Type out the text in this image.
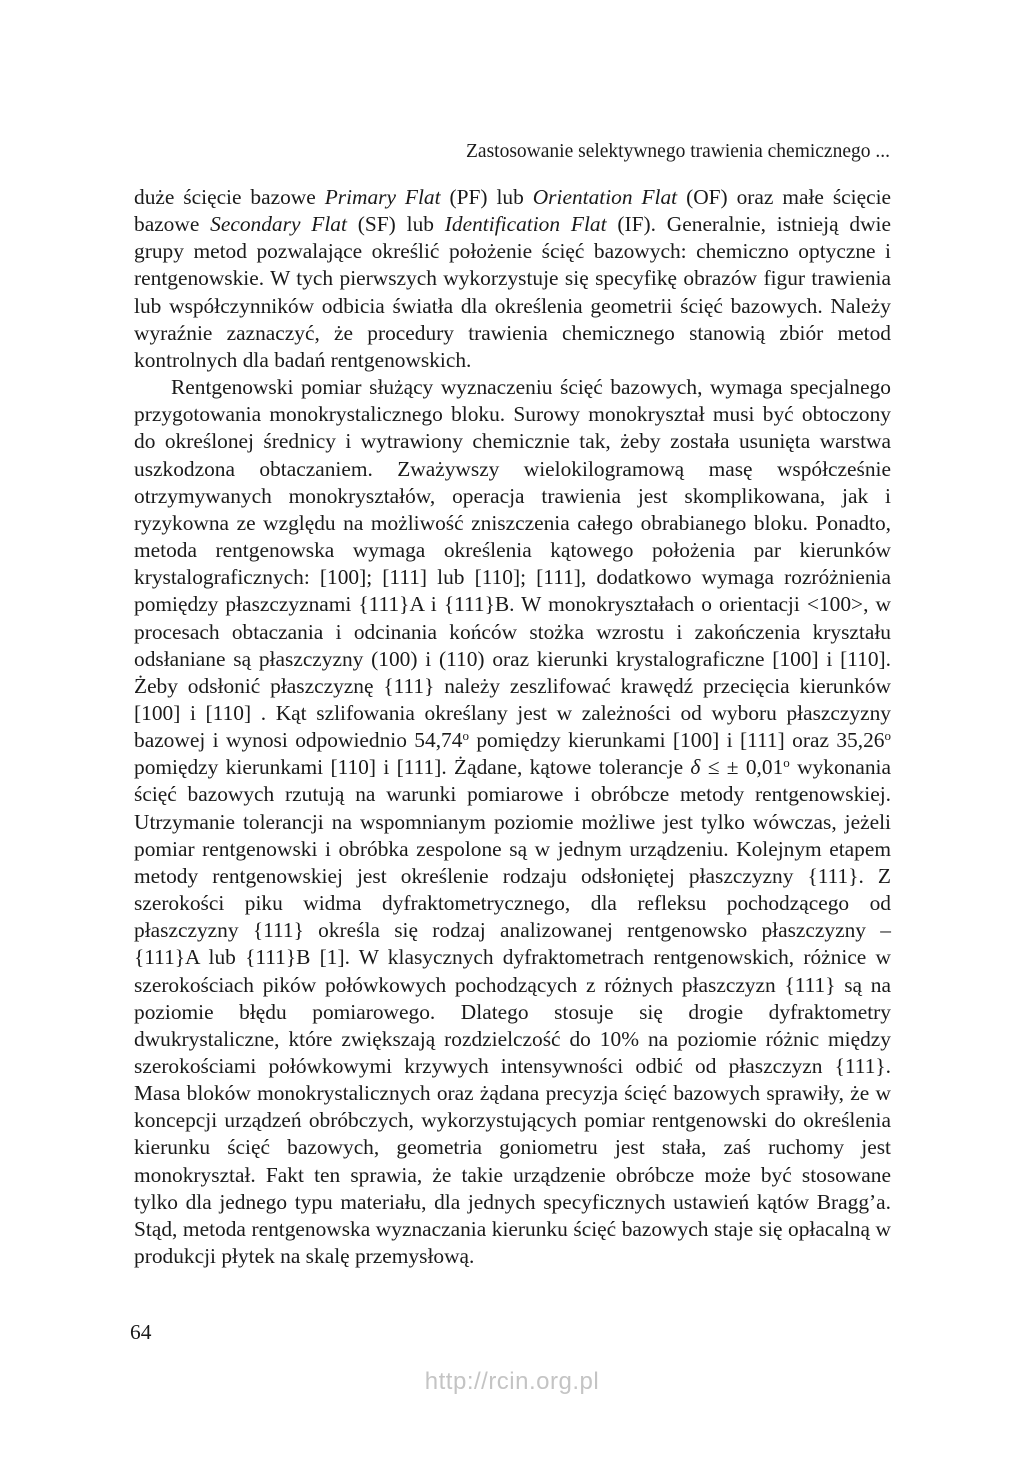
Zastosowanie selektywnego trawienia chemicznego ...

duże ścięcie bazowe Primary Flat (PF) lub Orientation Flat (OF) oraz małe ścięcie bazowe Secondary Flat (SF) lub Identification Flat (IF). Generalnie, istnieją dwie grupy metod pozwalające określić położenie ścięć bazowych: chemiczno optyczne i rentgenowskie. W tych pierwszych wykorzystuje się specyfikę obrazów figur trawienia lub współczynników odbicia światła dla określenia geometrii ścięć bazowych. Należy wyraźnie zaznaczyć, że procedury trawienia chemicznego stanowią zbiór metod kontrolnych dla badań rentgenowskich.

Rentgenowski pomiar służący wyznaczeniu ścięć bazowych, wymaga specjalnego przygotowania monokrystalicznego bloku. Surowy monokryształ musi być obtoczony do określonej średnicy i wytrawiony chemicznie tak, żeby została usunięta warstwa uszkodzona obtaczaniem. Zważywszy wielokilogramową masę współcześnie otrzymywanych monokryształów, operacja trawienia jest skomplikowana, jak i ryzykowna ze względu na możliwość zniszczenia całego obrabianego bloku. Ponadto, metoda rentgenowska wymaga określenia kątowego położenia par kierunków krystalograficznych: [100]; [111] lub [110]; [111], dodatkowo wymaga rozróżnienia pomiędzy płaszczyznami {111}A i {111}B. W monokryształach o orientacji <100>, w procesach obtaczania i odcinania końców stożka wzrostu i zakończenia kryształu odsłaniane są płaszczyzny (100) i (110) oraz kierunki krystalograficzne [100] i [110]. Żeby odsłonić płaszczyznę {111} należy zeszlifować krawędź przecięcia kierunków [100] i [110] . Kąt szlifowania określany jest w zależności od wyboru płaszczyzny bazowej i wynosi odpowiednio 54,74$^o$ pomiędzy kierunkami [100] i [111] oraz 35,26$^o$ pomiędzy kierunkami [110] i [111]. Żądane, kątowe tolerancje δ ≤ ± $0,01^o$ wykonania ścięć bazowych rzutują na warunki pomiarowe i obróbcze metody rentgenowskiej. Utrzymanie tolerancji na wspomnianym poziomie możliwe jest tylko wówczas, jeżeli pomiar rentgenowski i obróbka zespolone są w jednym urządzeniu. Kolejnym etapem metody rentgenowskiej jest określenie rodzaju odsłoniętej płaszczyzny {111}. Z szerokości piku widma dyfraktometrycznego, dla refleksu pochodzącego od płaszczyzny {111} określa się rodzaj analizowanej rentgenowsko płaszczyzny – {111}A lub {111}B [1]. W klasycznych dyfraktometrach rentgenowskich, różnice w szerokościach pików połówkowych pochodzących z różnych płaszczyzn {111} są na poziomie błędu pomiarowego. Dlatego stosuje się drogie dyfraktometry dwukrystaliczne, które zwiększają rozdzielczość do 10% na poziomie różnic między szerokościami połówkowymi krzywych intensywności odbić od płaszczyzn {111}. Masa bloków monokrystalicznych oraz żądana precyzja ścięć bazowych sprawiły, że w koncepcji urządzeń obróbczych, wykorzystujących pomiar rentgenowski do określenia kierunku ścięć bazowych, geometria goniometru jest stała, zaś ruchomy jest monokryształ. Fakt ten sprawia, że takie urządzenie obróbcze może być stosowane tylko dla jednego typu materiału, dla jednych specyficznych ustawień kątów Bragg’a. Stąd, metoda rentgenowska wyznaczania kierunku ścięć bazowych staje się opłacalną w produkcji płytek na skalę przemysłową.

64
http://rcin.org.pl
